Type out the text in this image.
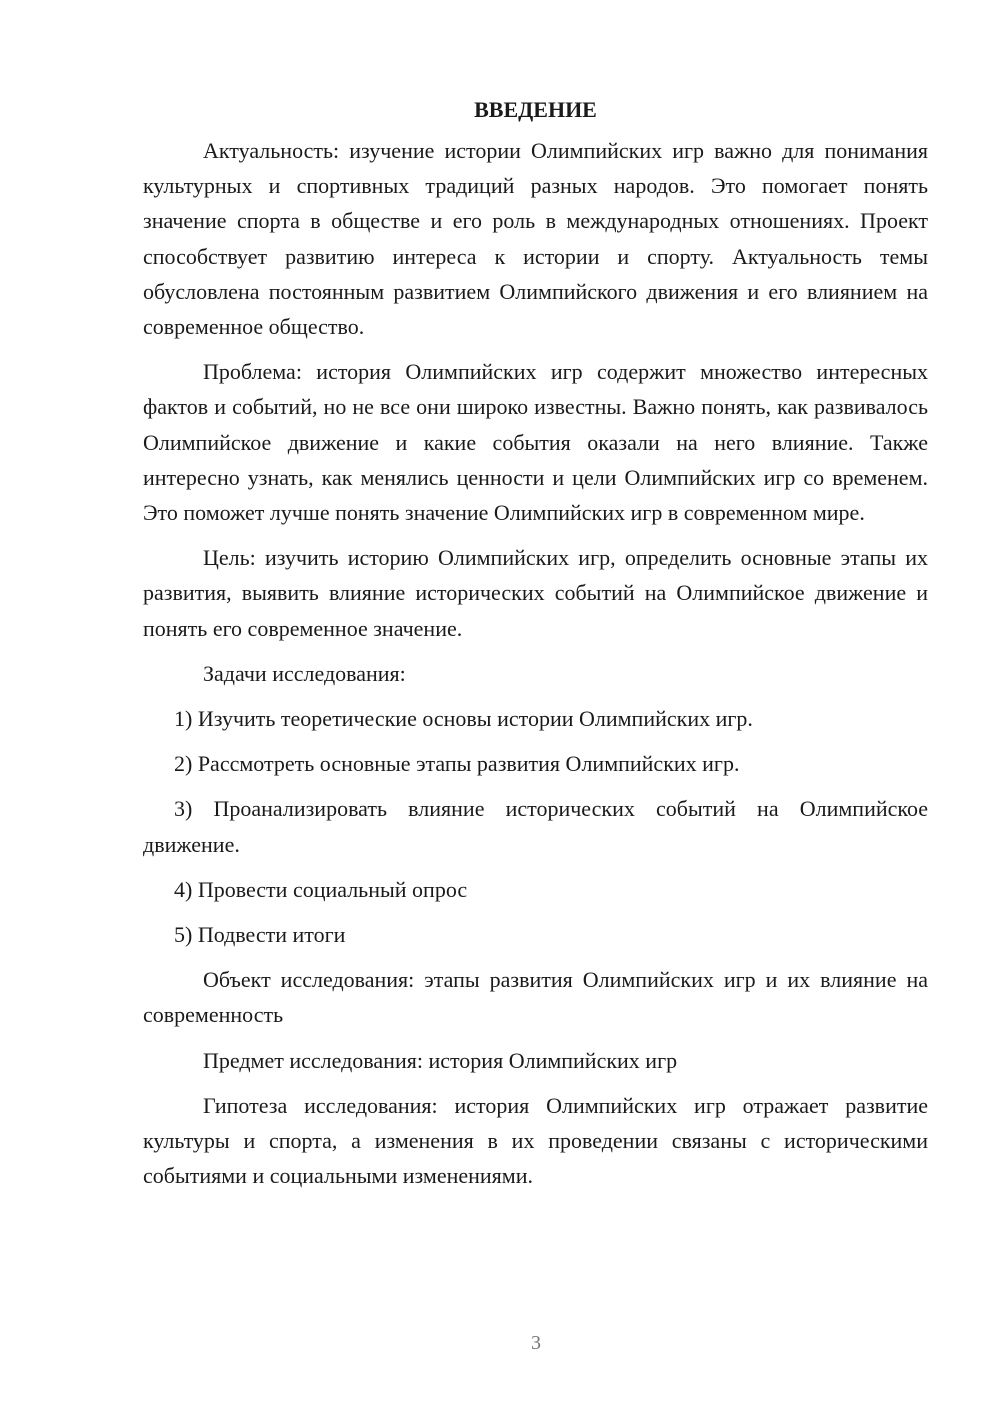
ВВЕДЕНИЕ

Актуальность: изучение истории Олимпийских игр важно для понимания культурных и спортивных традиций разных народов. Это помогает понять значение спорта в обществе и его роль в международных отношениях. Проект способствует развитию интереса к истории и спорту. Актуальность темы обусловлена постоянным развитием Олимпийского движения и его влиянием на современное общество.

Проблема: история Олимпийских игр содержит множество интересных фактов и событий, но не все они широко известны. Важно понять, как развивалось Олимпийское движение и какие события оказали на него влияние. Также интересно узнать, как менялись ценности и цели Олимпийских игр со временем. Это поможет лучше понять значение Олимпийских игр в современном мире.

Цель: изучить историю Олимпийских игр, определить основные этапы их развития, выявить влияние исторических событий на Олимпийское движение и понять его современное значение.

Задачи исследования:

1) Изучить теоретические основы истории Олимпийских игр.

2) Рассмотреть основные этапы развития Олимпийских игр.

3) Проанализировать влияние исторических событий на Олимпийское движение.

4) Провести социальный опрос

5) Подвести итоги

Объект исследования: этапы развития Олимпийских игр и их влияние на современность

Предмет исследования: история Олимпийских игр

Гипотеза исследования: история Олимпийских игр отражает развитие культуры и спорта, а изменения в их проведении связаны с историческими событиями и социальными изменениями.

3
